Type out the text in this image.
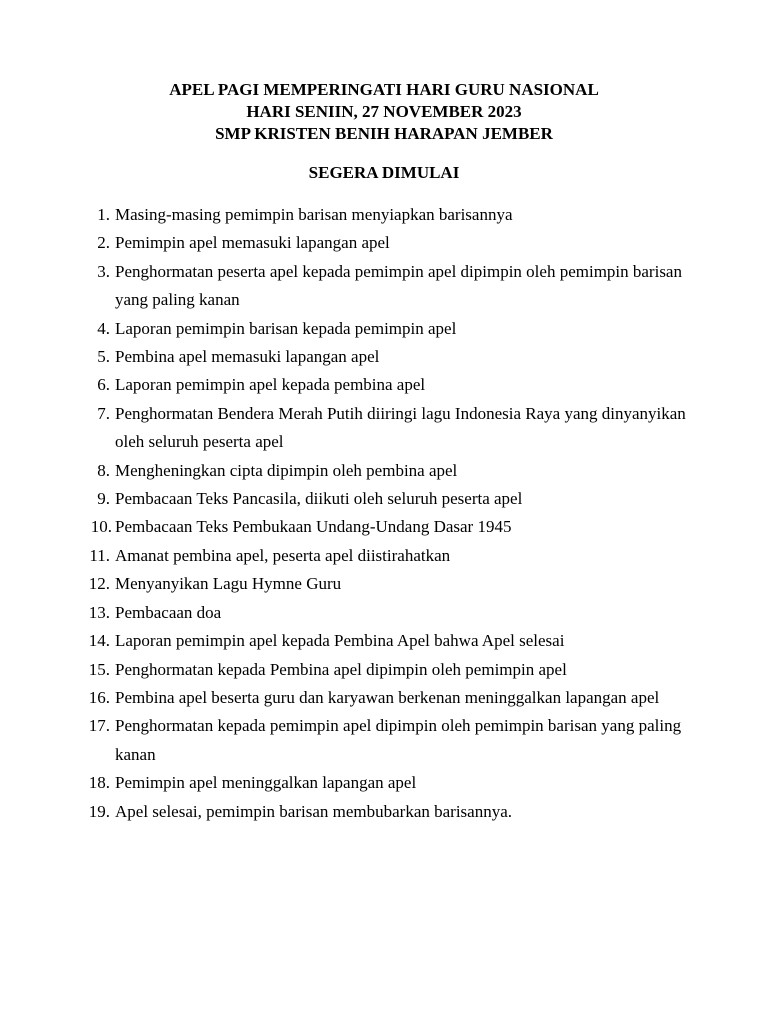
APEL PAGI MEMPERINGATI HARI GURU NASIONAL

HARI SENIIN, 27 NOVEMBER 2023

SMP KRISTEN BENIH HARAPAN JEMBER

SEGERA DIMULAI
1. Masing-masing pemimpin barisan menyiapkan barisannya
2. Pemimpin apel memasuki lapangan apel
3. Penghormatan peserta apel kepada pemimpin apel dipimpin oleh pemimpin barisan yang paling kanan
4. Laporan pemimpin barisan kepada pemimpin apel
5. Pembina apel memasuki lapangan apel
6. Laporan pemimpin apel kepada pembina apel
7. Penghormatan Bendera Merah Putih diiringi lagu Indonesia Raya yang dinyanyikan oleh seluruh peserta apel
8. Mengheningkan cipta dipimpin oleh pembina apel
9. Pembacaan Teks Pancasila, diikuti oleh seluruh peserta apel
10. Pembacaan Teks Pembukaan Undang-Undang Dasar 1945
11. Amanat pembina apel, peserta apel diistirahatkan
12. Menyanyikan Lagu Hymne Guru
13. Pembacaan doa
14. Laporan pemimpin apel kepada Pembina Apel bahwa Apel selesai
15. Penghormatan kepada Pembina apel dipimpin oleh pemimpin apel
16. Pembina apel beserta guru dan karyawan berkenan meninggalkan lapangan apel
17. Penghormatan kepada pemimpin apel dipimpin oleh pemimpin barisan yang paling kanan
18. Pemimpin apel meninggalkan lapangan apel
19. Apel selesai, pemimpin barisan membubarkan barisannya.
